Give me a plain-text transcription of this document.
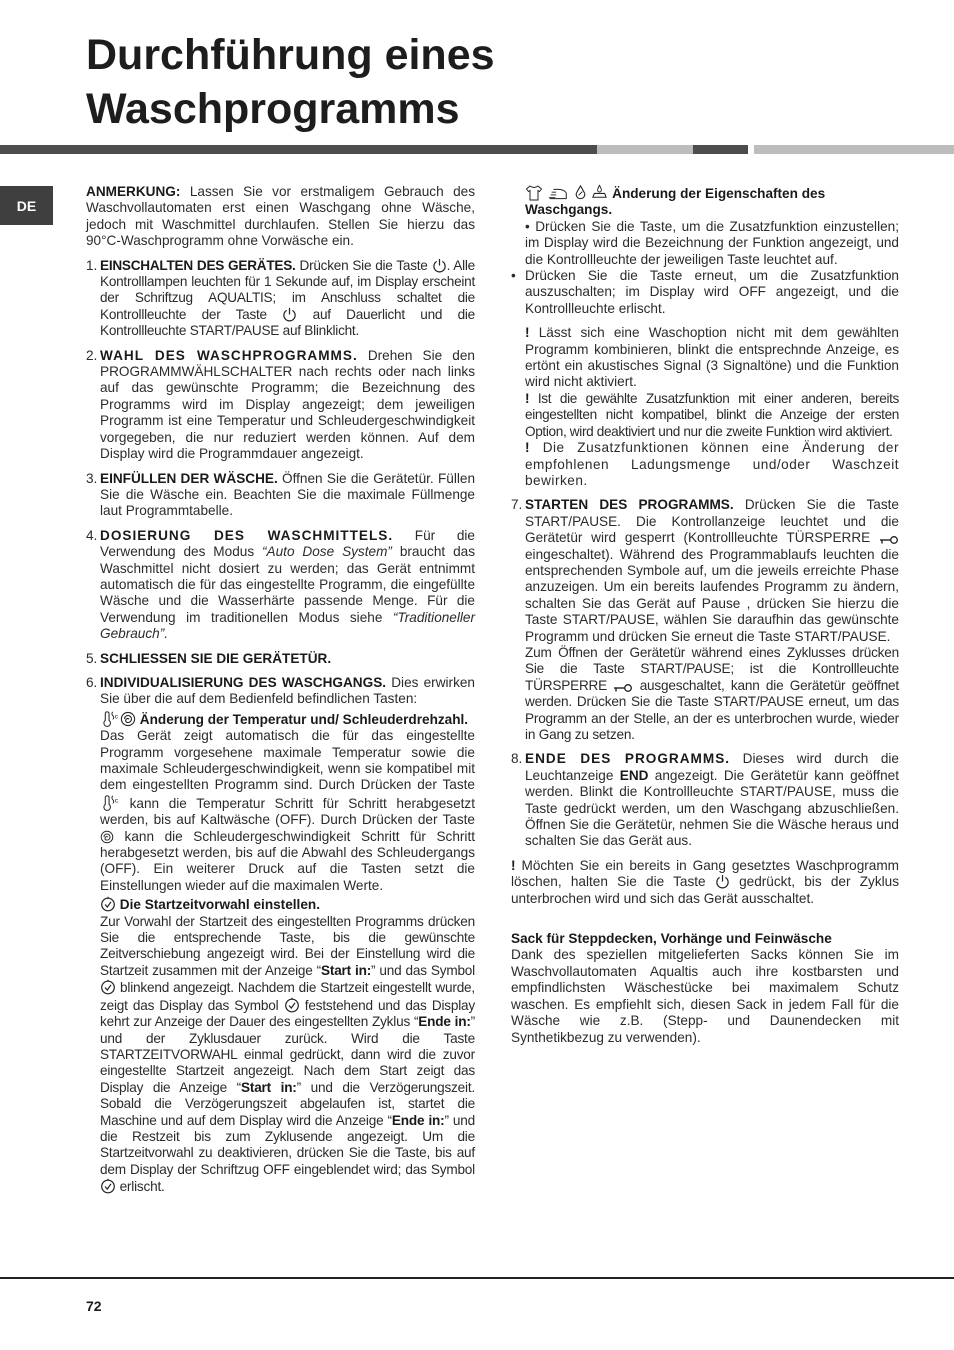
Durchführung eines
Waschprogramms
DE

ANMERKUNG: Lassen Sie vor erstmaligem Gebrauch des Waschvollautomaten erst einen Waschgang ohne Wäsche, jedoch mit Waschmittel durchlaufen. Stellen Sie hierzu das 90°C-Waschprogramm ohne Vorwäsche ein.

1. EINSCHALTEN DES GERÄTES. Drücken Sie die Taste
. Alle Kontrolllampen leuchten für 1 Sekunde auf, im Display erscheint der Schriftzug AQUALTIS; im Anschluss schaltet die Kontrollleuchte der Taste
auf Dauerlicht und die Kontrollleuchte START/PAUSE auf Blinklicht.

2. WAHL DES WASCHPROGRAMMS. Drehen Sie den PROGRAMMWÄHLSCHALTER nach rechts oder nach links auf das gewünschte Programm; die Bezeichnung des Programms wird im Display angezeigt; dem jeweiligen Programm ist eine Temperatur und Schleudergeschwindigkeit vorgegeben, die nur reduziert werden können. Auf dem Display wird die Programmdauer angezeigt.

3. EINFÜLLEN DER WÄSCHE. Öffnen Sie die Gerätetür. Füllen Sie die Wäsche ein. Beachten Sie die maximale Füllmenge laut Programmtabelle.

4. DOSIERUNG DES WASCHMITTELS. Für die Verwendung des Modus “Auto Dose System” braucht das Waschmittel nicht dosiert zu werden; das Gerät entnimmt automatisch die für das eingestellte Programm, die eingefüllte Wäsche und die Wasserhärte passende Menge. Für die Verwendung im traditionellen Modus siehe “Traditioneller Gebrauch”.

5. SCHLIESSEN SIE DIE GERÄTETÜR.

6. INDIVIDUALISIERUNG DES WASCHGANGS. Dies erwirken Sie über die auf dem Bedienfeld befindlichen Tasten:

Änderung der Temperatur und/ Schleuderdrehzahl.

Das Gerät zeigt automatisch die für das eingestellte Programm vorgesehene maximale Temperatur sowie die maximale Schleudergeschwindigkeit, wenn sie kompatibel mit dem eingestellten Programm sind. Durch Drücken der Taste
kann die Temperatur Schritt für Schritt herabgesetzt werden, bis auf Kaltwäsche (OFF). Durch Drücken der Taste
kann die Schleudergeschwindigkeit Schritt für Schritt herabgesetzt werden, bis auf die Abwahl des Schleudergangs (OFF). Ein weiterer Druck auf die Tasten setzt die Einstellungen wieder auf die maximalen Werte.

Die Startzeitvorwahl einstellen.

Zur Vorwahl der Startzeit des eingestellten Programms drücken Sie die entsprechende Taste, bis die gewünschte Zeitverschiebung angezeigt wird. Bei der Einstellung wird die Startzeit zusammen mit der Anzeige “Start in:” und das Symbol
blinkend angezeigt. Nachdem die Startzeit eingestellt wurde, zeigt das Display das Symbol
feststehend und das Display kehrt zur Anzeige der Dauer des eingestellten Zyklus “Ende in:” und der Zyklusdauer zurück. Wird die Taste STARTZEITVORWAHL einmal gedrückt, dann wird die zuvor eingestellte Startzeit angezeigt. Nach dem Start zeigt das Display die Anzeige “Start in:” und die Verzögerungszeit. Sobald die Verzögerungszeit abgelaufen ist, startet die Maschine und auf dem Display wird die Anzeige “Ende in:” und die Restzeit bis zum Zyklusende angezeigt. Um die Startzeitvorwahl zu deaktivieren, drücken Sie die Taste, bis auf dem Display der Schriftzug OFF eingeblendet wird; das Symbol
erlischt.

Änderung der Eigenschaften des Waschgangs.

• Drücken Sie die Taste, um die Zusatzfunktion einzustellen; im Display wird die Bezeichnung der Funktion angezeigt, und die Kontrollleuchte der jeweiligen Taste leuchtet auf.

• Drücken Sie die Taste erneut, um die Zusatzfunktion auszuschalten; im Display wird OFF angezeigt, und die Kontrollleuchte erlischt.

! Lässt sich eine Waschoption nicht mit dem gewählten Programm kombinieren, blinkt die entsprechnde Anzeige, es ertönt ein akustisches Signal (3 Signaltöne) und die Funktion wird nicht aktiviert.

! Ist die gewählte Zusatzfunktion mit einer anderen, bereits eingestellten nicht kompatibel, blinkt die Anzeige der ersten Option, wird deaktiviert und nur die zweite Funktion wird aktiviert.

! Die Zusatzfunktionen können eine Änderung der empfohlenen Ladungsmenge und/oder Waschzeit bewirken.

7. STARTEN DES PROGRAMMS. Drücken Sie die Taste START/PAUSE. Die Kontrollanzeige leuchtet und die Gerätetür wird gesperrt (Kontrollleuchte TÜRSPERRE
eingeschaltet). Während des Programmablaufs leuchten die entsprechenden Symbole auf, um die jeweils erreichte Phase anzuzeigen. Um ein bereits laufendes Programm zu ändern, schalten Sie das Gerät auf Pause , drücken Sie hierzu die Taste START/PAUSE, wählen Sie daraufhin das gewünschte Programm und drücken Sie erneut die Taste START/PAUSE.

Zum Öffnen der Gerätetür während eines Zyklusses drücken Sie die Taste START/PAUSE; ist die Kontrollleuchte TÜRSPERRE
ausgeschaltet, kann die Gerätetür geöffnet werden. Drücken Sie die Taste START/PAUSE erneut, um das Programm an der Stelle, an der es unterbrochen wurde, wieder in Gang zu setzen.

8. ENDE DES PROGRAMMS. Dieses wird durch die Leuchtanzeige END angezeigt. Die Gerätetür kann geöffnet werden. Blinkt die Kontrollleuchte START/PAUSE, muss die Taste gedrückt werden, um den Waschgang abzuschließen. Öffnen Sie die Gerätetür, nehmen Sie die Wäsche heraus und schalten Sie das Gerät aus.

! Möchten Sie ein bereits in Gang gesetztes Waschprogramm löschen, halten Sie die Taste
gedrückt, bis der Zyklus unterbrochen wird und sich das Gerät ausschaltet.

Sack für Steppdecken, Vorhänge und Feinwäsche

Dank des speziellen mitgelieferten Sacks können Sie im Waschvollautomaten Aqualtis auch ihre kostbarsten und empfindlichsten Wäschestücke bei maximalem Schutz waschen. Es empfiehlt sich, diesen Sack in jedem Fall für die Wäsche wie z.B. (Stepp- und Daunendecken mit Synthetikbezug zu verwenden).

72
